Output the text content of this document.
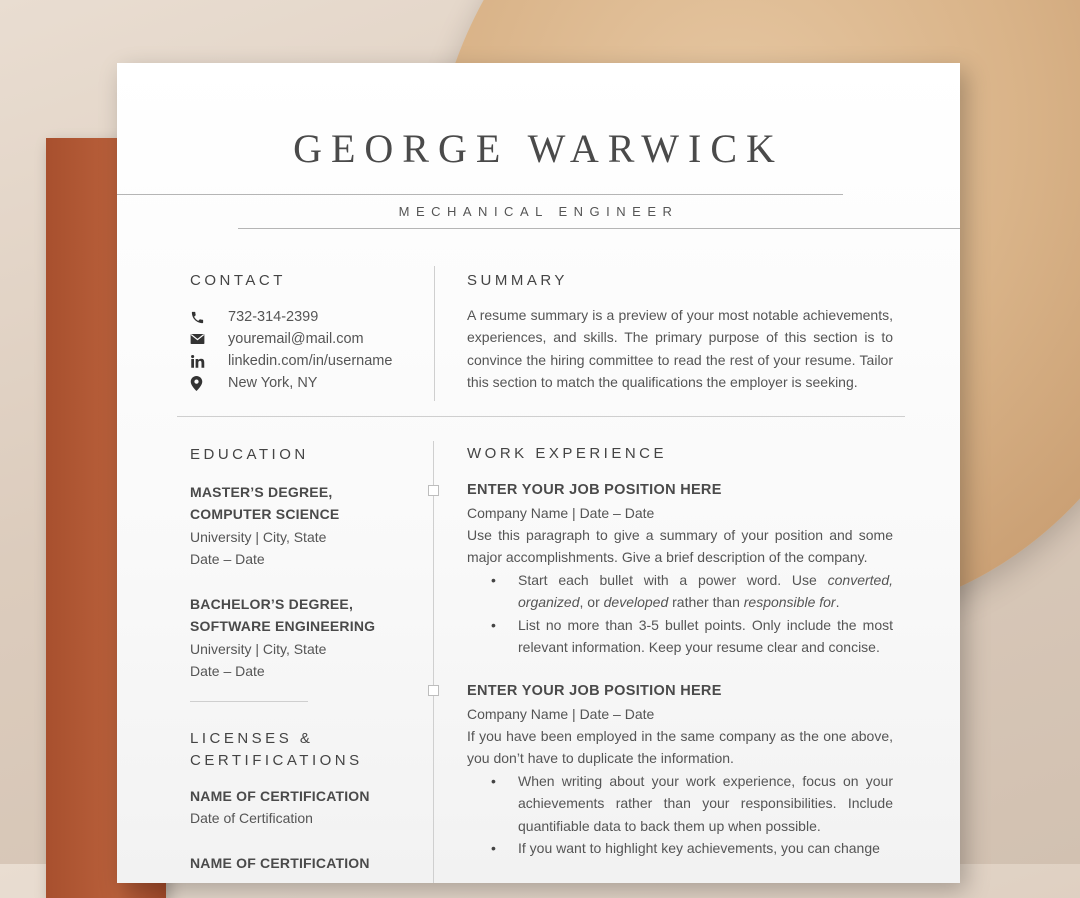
GEORGE WARWICK
MECHANICAL ENGINEER
CONTACT
732-314-2399
youremail@mail.com
linkedin.com/in/username
New York, NY
SUMMARY

A resume summary is a preview of your most notable achievements, experiences, and skills. The primary purpose of this section is to convince the hiring committee to read the rest of your resume. Tailor this section to match the qualifications the employer is seeking.

EDUCATION
MASTER’S DEGREE,
COMPUTER SCIENCE
University | City, State
Date – Date
BACHELOR’S DEGREE,
SOFTWARE ENGINEERING
University | City, State
Date – Date
LICENSES &
CERTIFICATIONS
NAME OF CERTIFICATION
Date of Certification
NAME OF CERTIFICATION
WORK EXPERIENCE
ENTER YOUR JOB POSITION HERE
Company Name | Date – Date

Use this paragraph to give a summary of your position and some major accomplishments. Give a brief description of the company.

• Start each bullet with a power word. Use converted, organized, or developed rather than responsible for.
• List no more than 3-5 bullet points. Only include the most relevant information. Keep your resume clear and concise.
ENTER YOUR JOB POSITION HERE
Company Name | Date – Date

If you have been employed in the same company as the one above, you don’t have to duplicate the information.

• When writing about your work experience, focus on your achievements rather than your responsibilities. Include quantifiable data to back them up when possible.
• If you want to highlight key achievements, you can change
